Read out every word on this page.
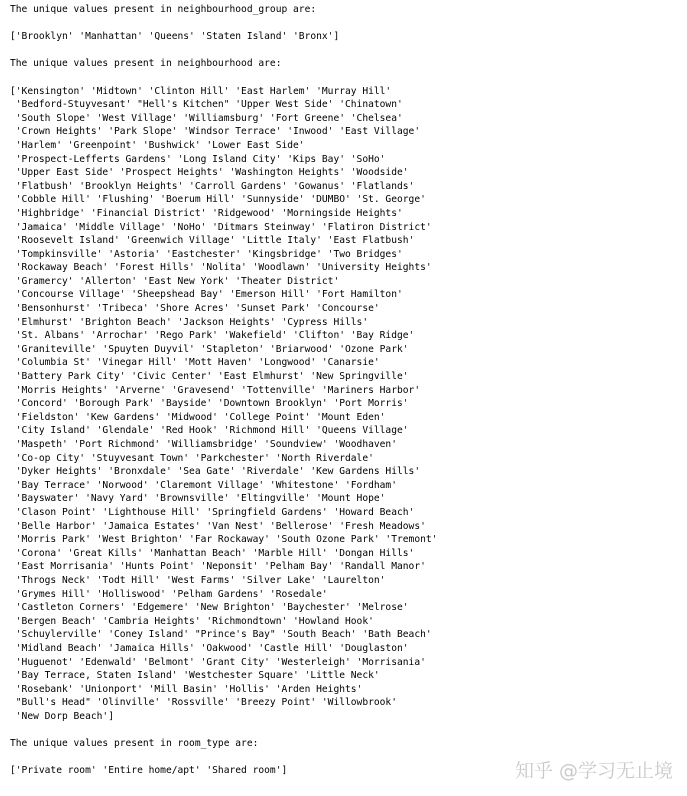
The unique values present in neighbourhood_group are:
['Brooklyn' 'Manhattan' 'Queens' 'Staten Island' 'Bronx']
The unique values present in neighbourhood are:
['Kensington' 'Midtown' 'Clinton Hill' 'East Harlem' 'Murray Hill'
'Bedford-Stuyvesant' "Hell's Kitchen" 'Upper West Side' 'Chinatown'
'South Slope' 'West Village' 'Williamsburg' 'Fort Greene' 'Chelsea'
'Crown Heights' 'Park Slope' 'Windsor Terrace' 'Inwood' 'East Village'
'Harlem' 'Greenpoint' 'Bushwick' 'Lower East Side'
'Prospect-Lefferts Gardens' 'Long Island City' 'Kips Bay' 'SoHo'
'Upper East Side' 'Prospect Heights' 'Washington Heights' 'Woodside'
'Flatbush' 'Brooklyn Heights' 'Carroll Gardens' 'Gowanus' 'Flatlands'
'Cobble Hill' 'Flushing' 'Boerum Hill' 'Sunnyside' 'DUMBO' 'St. George'
'Highbridge' 'Financial District' 'Ridgewood' 'Morningside Heights'
'Jamaica' 'Middle Village' 'NoHo' 'Ditmars Steinway' 'Flatiron District'
'Roosevelt Island' 'Greenwich Village' 'Little Italy' 'East Flatbush'
'Tompkinsville' 'Astoria' 'Eastchester' 'Kingsbridge' 'Two Bridges'
'Rockaway Beach' 'Forest Hills' 'Nolita' 'Woodlawn' 'University Heights'
'Gramercy' 'Allerton' 'East New York' 'Theater District'
'Concourse Village' 'Sheepshead Bay' 'Emerson Hill' 'Fort Hamilton'
'Bensonhurst' 'Tribeca' 'Shore Acres' 'Sunset Park' 'Concourse'
'Elmhurst' 'Brighton Beach' 'Jackson Heights' 'Cypress Hills'
'St. Albans' 'Arrochar' 'Rego Park' 'Wakefield' 'Clifton' 'Bay Ridge'
'Graniteville' 'Spuyten Duyvil' 'Stapleton' 'Briarwood' 'Ozone Park'
'Columbia St' 'Vinegar Hill' 'Mott Haven' 'Longwood' 'Canarsie'
'Battery Park City' 'Civic Center' 'East Elmhurst' 'New Springville'
'Morris Heights' 'Arverne' 'Gravesend' 'Tottenville' 'Mariners Harbor'
'Concord' 'Borough Park' 'Bayside' 'Downtown Brooklyn' 'Port Morris'
'Fieldston' 'Kew Gardens' 'Midwood' 'College Point' 'Mount Eden'
'City Island' 'Glendale' 'Red Hook' 'Richmond Hill' 'Queens Village'
'Maspeth' 'Port Richmond' 'Williamsbridge' 'Soundview' 'Woodhaven'
'Co-op City' 'Stuyvesant Town' 'Parkchester' 'North Riverdale'
'Dyker Heights' 'Bronxdale' 'Sea Gate' 'Riverdale' 'Kew Gardens Hills'
'Bay Terrace' 'Norwood' 'Claremont Village' 'Whitestone' 'Fordham'
'Bayswater' 'Navy Yard' 'Brownsville' 'Eltingville' 'Mount Hope'
'Clason Point' 'Lighthouse Hill' 'Springfield Gardens' 'Howard Beach'
'Belle Harbor' 'Jamaica Estates' 'Van Nest' 'Bellerose' 'Fresh Meadows'
'Morris Park' 'West Brighton' 'Far Rockaway' 'South Ozone Park' 'Tremont'
'Corona' 'Great Kills' 'Manhattan Beach' 'Marble Hill' 'Dongan Hills'
'East Morrisania' 'Hunts Point' 'Neponsit' 'Pelham Bay' 'Randall Manor'
'Throgs Neck' 'Todt Hill' 'West Farms' 'Silver Lake' 'Laurelton'
'Grymes Hill' 'Holliswood' 'Pelham Gardens' 'Rosedale'
'Castleton Corners' 'Edgemere' 'New Brighton' 'Baychester' 'Melrose'
'Bergen Beach' 'Cambria Heights' 'Richmondtown' 'Howland Hook'
'Schuylerville' 'Coney Island' "Prince's Bay" 'South Beach' 'Bath Beach'
'Midland Beach' 'Jamaica Hills' 'Oakwood' 'Castle Hill' 'Douglaston'
'Huguenot' 'Edenwald' 'Belmont' 'Grant City' 'Westerleigh' 'Morrisania'
'Bay Terrace, Staten Island' 'Westchester Square' 'Little Neck'
'Rosebank' 'Unionport' 'Mill Basin' 'Hollis' 'Arden Heights'
"Bull's Head" 'Olinville' 'Rossville' 'Breezy Point' 'Willowbrook'
'New Dorp Beach']
The unique values present in room_type are:
['Private room' 'Entire home/apt' 'Shared room']	知乎 @学习无止境
